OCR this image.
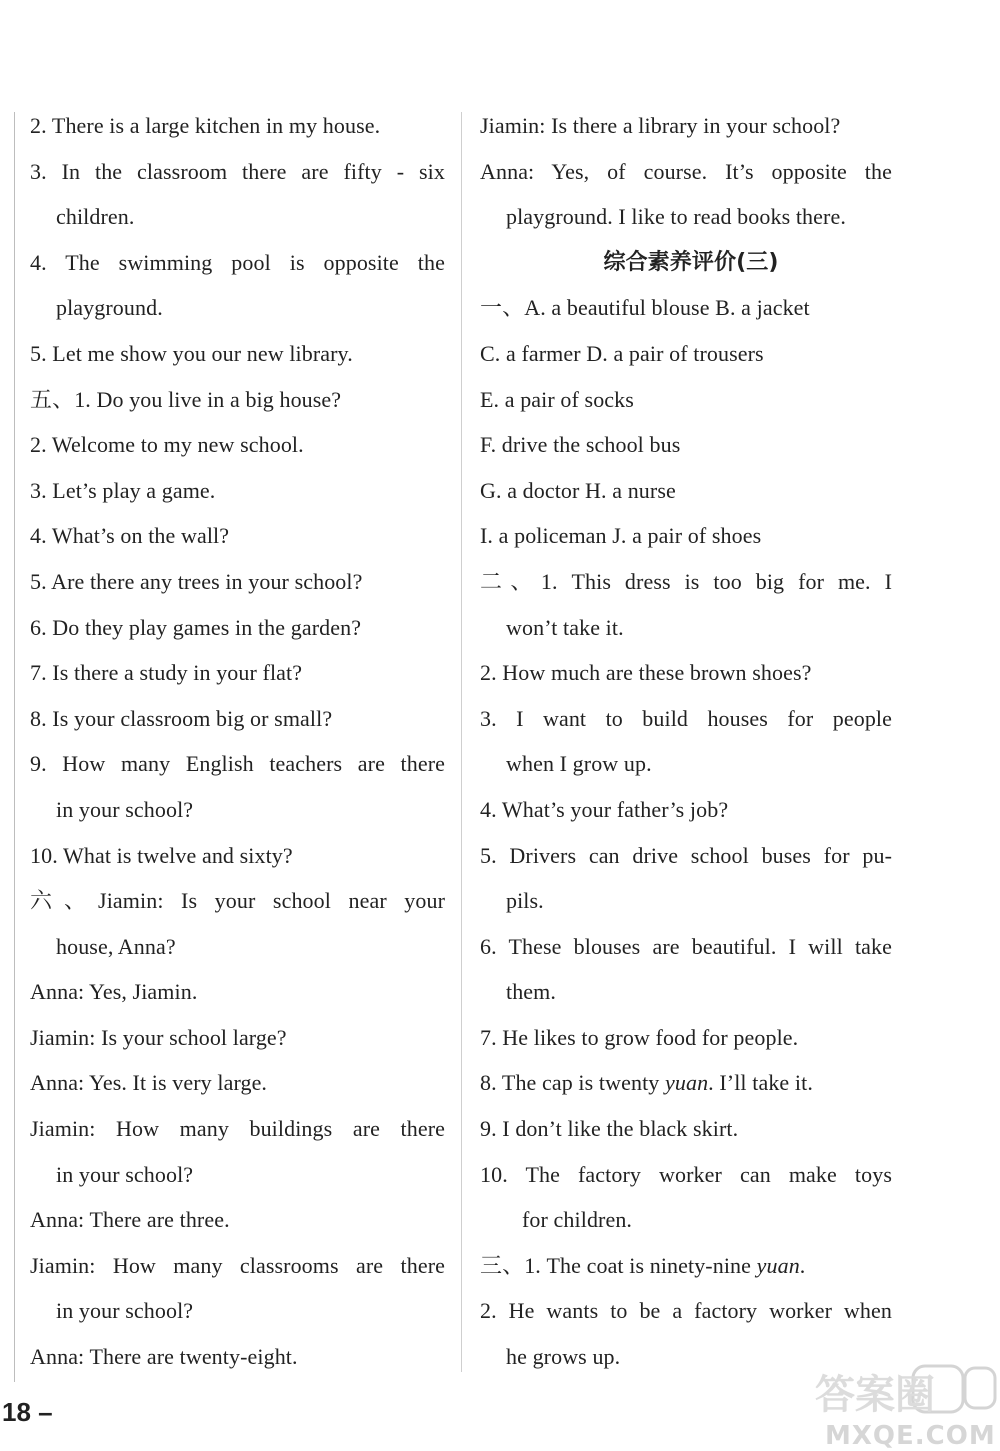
2. There is a large kitchen in my house.
3. In the classroom there are fifty - six
children.
4. The swimming pool is opposite the
playground.
5. Let me show you our new library.
五、1. Do you live in a big house?
2. Welcome to my new school.
3. Let’s play a game.
4. What’s on the wall?
5. Are there any trees in your school?
6. Do they play games in the garden?
7. Is there a study in your flat?
8. Is your classroom big or small?
9. How many English teachers are there
in your school?
10. What is twelve and sixty?
六、Jiamin: Is your school near your
house, Anna?
Anna: Yes, Jiamin.
Jiamin: Is your school large?
Anna: Yes. It is very large.
Jiamin: How many buildings are there
in your school?
Anna: There are three.
Jiamin: How many classrooms are there
in your school?
Anna: There are twenty-eight.
Jiamin: Is there a library in your school?
Anna: Yes, of course. It’s opposite the
playground. I like to read books there.
综合素养评价(三)
一、A. a beautiful blouse B. a jacket
C. a farmer D. a pair of trousers
E. a pair of socks
F. drive the school bus
G. a doctor H. a nurse
I. a policeman J. a pair of shoes
二、1. This dress is too big for me. I
won’t take it.
2. How much are these brown shoes?
3. I want to build houses for people
when I grow up.
4. What’s your father’s job?
5. Drivers can drive school buses for pu-
pils.
6. These blouses are beautiful. I will take
them.
7. He likes to grow food for people.
8. The cap is twenty yuan. I’ll take it.
9. I don’t like the black skirt.
10. The factory worker can make toys
for children.
三、1. The coat is ninety-nine yuan.
2. He wants to be a factory worker when
he grows up.
18 –	答案圈
MXQE.COM
